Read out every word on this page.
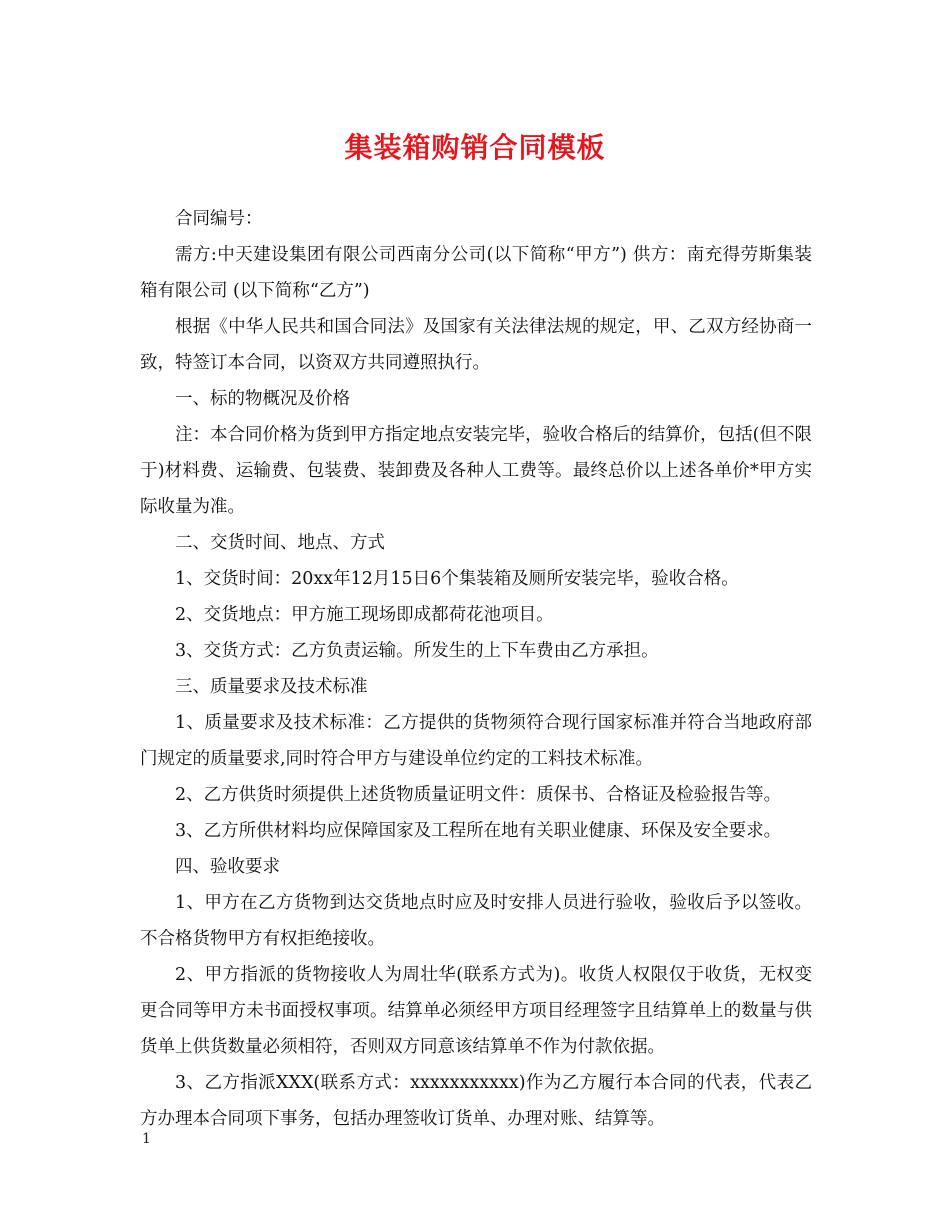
集装箱购销合同模板

合同编号：

需方:中天建设集团有限公司西南分公司(以下简称“甲方”) 供方：南充得劳斯集装箱有限公司 (以下简称“乙方”)

根据《中华人民共和国合同法》及国家有关法律法规的规定，甲、乙双方经协商一致，特签订本合同，以资双方共同遵照执行。

一、标的物概况及价格

注：本合同价格为货到甲方指定地点安装完毕，验收合格后的结算价，包括(但不限于)材料费、运输费、包装费、装卸费及各种人工费等。最终总价以上述各单价*甲方实际收量为准。

二、交货时间、地点、方式

1、交货时间：20xx年12月15日6个集装箱及厕所安装完毕，验收合格。

2、交货地点：甲方施工现场即成都荷花池项目。

3、交货方式：乙方负责运输。所发生的上下车费由乙方承担。

三、质量要求及技术标准

1、质量要求及技术标准：乙方提供的货物须符合现行国家标准并符合当地政府部门规定的质量要求,同时符合甲方与建设单位约定的工料技术标准。

2、乙方供货时须提供上述货物质量证明文件：质保书、合格证及检验报告等。

3、乙方所供材料均应保障国家及工程所在地有关职业健康、环保及安全要求。

四、验收要求

1、甲方在乙方货物到达交货地点时应及时安排人员进行验收，验收后予以签收。不合格货物甲方有权拒绝接收。

2、甲方指派的货物接收人为周壮华(联系方式为)。收货人权限仅于收货，无权变更合同等甲方未书面授权事项。结算单必须经甲方项目经理签字且结算单上的数量与供货单上供货数量必须相符，否则双方同意该结算单不作为付款依据。

3、乙方指派XXX(联系方式：xxxxxxxxxxx)作为乙方履行本合同的代表，代表乙方办理本合同项下事务，包括办理签收订货单、办理对账、结算等。

1
